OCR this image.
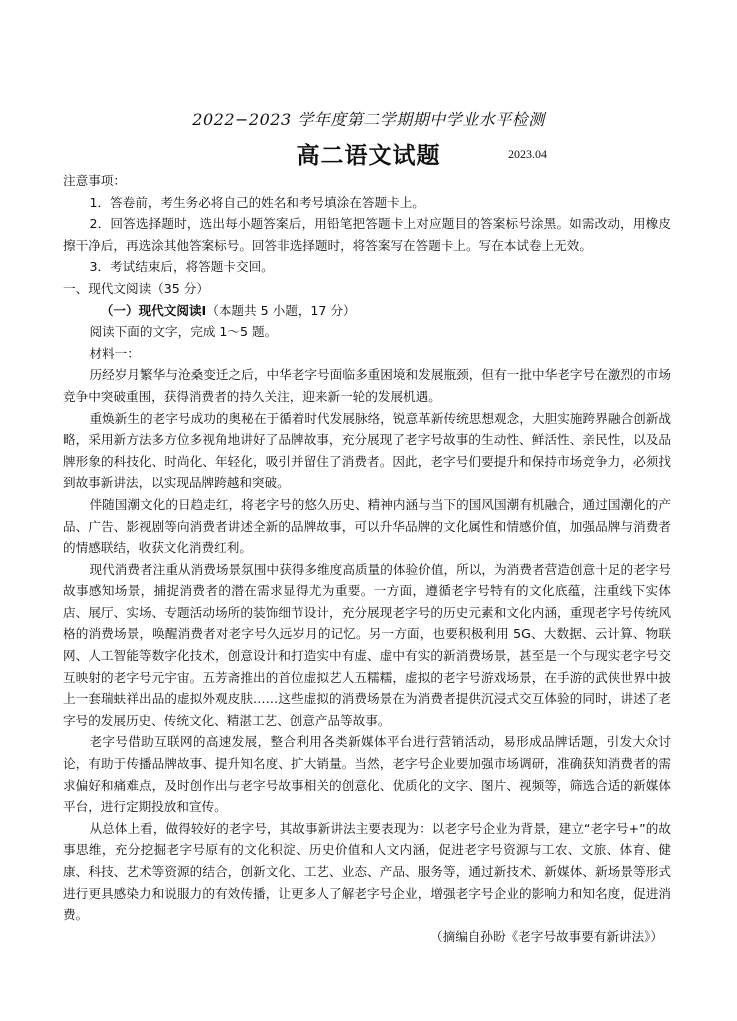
2022−2023 学年度第二学期期中学业水平检测
高二语文试题	2023.04

注意事项：

1．答卷前，考生务必将自己的姓名和考号填涂在答题卡上。

2．回答选择题时，选出每小题答案后，用铅笔把答题卡上对应题目的答案标号涂黑。如需改动，用橡皮擦干净后，再选涂其他答案标号。回答非选择题时，将答案写在答题卡上。写在本试卷上无效。

3．考试结束后，将答题卡交回。

一、现代文阅读（35 分）

（一）现代文阅读Ⅰ（本题共 5 小题，17 分）

阅读下面的文字，完成 1～5 题。

材料一：

历经岁月繁华与沧桑变迁之后，中华老字号面临多重困境和发展瓶颈，但有一批中华老字号在激烈的市场竞争中突破重围，获得消费者的持久关注，迎来新一轮的发展机遇。

重焕新生的老字号成功的奥秘在于循着时代发展脉络，锐意革新传统思想观念，大胆实施跨界融合创新战略，采用新方法多方位多视角地讲好了品牌故事，充分展现了老字号故事的生动性、鲜活性、亲民性，以及品牌形象的科技化、时尚化、年轻化，吸引并留住了消费者。因此，老字号们要提升和保持市场竞争力，必须找到故事新讲法，以实现品牌跨越和突破。

伴随国潮文化的日趋走红，将老字号的悠久历史、精神内涵与当下的国风国潮有机融合，通过国潮化的产品、广告、影视剧等向消费者讲述全新的品牌故事，可以升华品牌的文化属性和情感价值，加强品牌与消费者的情感联结，收获文化消费红利。

现代消费者注重从消费场景氛围中获得多维度高质量的体验价值，所以，为消费者营造创意十足的老字号故事感知场景，捕捉消费者的潜在需求显得尤为重要。一方面，遵循老字号特有的文化底蕴，注重线下实体店、展厅、实场、专题活动场所的装饰细节设计，充分展现老字号的历史元素和文化内涵，重现老字号传统风格的消费场景，唤醒消费者对老字号久远岁月的记忆。另一方面，也要积极利用 5G、大数据、云计算、物联网、人工智能等数字化技术，创意设计和打造实中有虚、虚中有实的新消费场景，甚至是一个与现实老字号交互映射的老字号元宇宙。五芳斋推出的首位虚拟艺人五糯糯，虚拟的老字号游戏场景，在手游的武侠世界中披上一套瑞蚨祥出品的虚拟外观皮肤……这些虚拟的消费场景在为消费者提供沉浸式交互体验的同时，讲述了老字号的发展历史、传统文化、精湛工艺、创意产品等故事。

老字号借助互联网的高速发展，整合利用各类新媒体平台进行营销活动，易形成品牌话题，引发大众讨论，有助于传播品牌故事、提升知名度、扩大销量。当然，老字号企业要加强市场调研，准确获知消费者的需求偏好和痛难点，及时创作出与老字号故事相关的创意化、优质化的文字、图片、视频等，筛选合适的新媒体平台，进行定期投放和宣传。

从总体上看，做得较好的老字号，其故事新讲法主要表现为：以老字号企业为背景，建立“老字号+”的故事思维，充分挖掘老字号原有的文化积淀、历史价值和人文内涵，促进老字号资源与工农、文旅、体育、健康、科技、艺术等资源的结合，创新文化、工艺、业态、产品、服务等，通过新技术、新媒体、新场景等形式进行更具感染力和说服力的有效传播，让更多人了解老字号企业，增强老字号企业的影响力和知名度，促进消费。

（摘编自孙盼《老字号故事要有新讲法》）
